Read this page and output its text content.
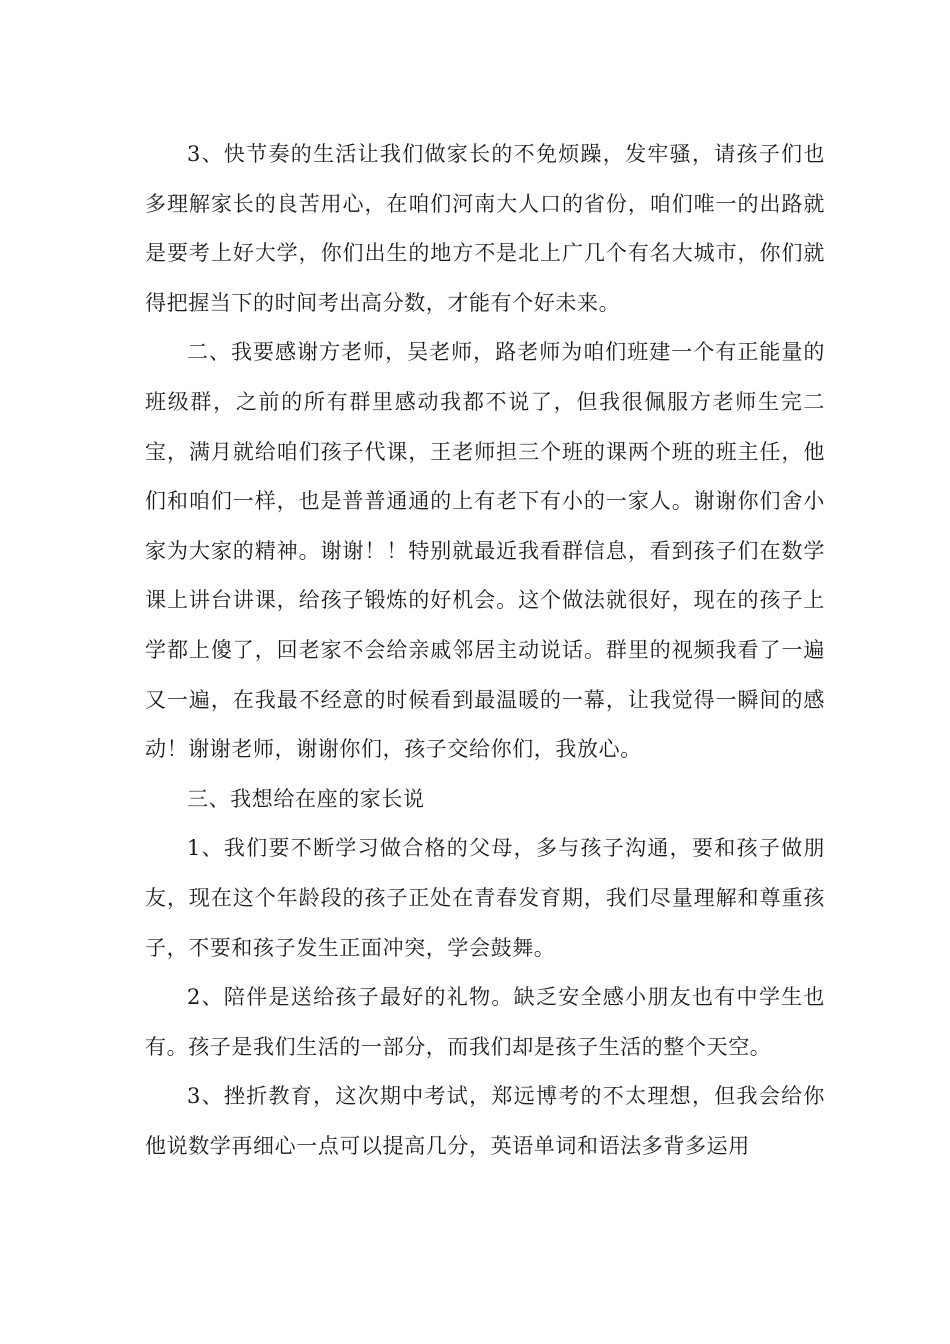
3、快节奏的生活让我们做家长的不免烦躁，发牢骚，请孩子们也多理解家长的良苦用心，在咱们河南大人口的省份，咱们唯一的出路就是要考上好大学，你们出生的地方不是北上广几个有名大城市，你们就得把握当下的时间考出高分数，才能有个好未来。

二、我要感谢方老师，吴老师，路老师为咱们班建一个有正能量的班级群，之前的所有群里感动我都不说了，但我很佩服方老师生完二宝，满月就给咱们孩子代课，王老师担三个班的课两个班的班主任，他们和咱们一样，也是普普通通的上有老下有小的一家人。谢谢你们舍小家为大家的精神。谢谢！！特别就最近我看群信息，看到孩子们在数学课上讲台讲课，给孩子锻炼的好机会。这个做法就很好，现在的孩子上学都上傻了，回老家不会给亲戚邻居主动说话。群里的视频我看了一遍又一遍，在我最不经意的时候看到最温暖的一幕，让我觉得一瞬间的感动！谢谢老师，谢谢你们，孩子交给你们，我放心。

三、我想给在座的家长说

1、我们要不断学习做合格的父母，多与孩子沟通，要和孩子做朋友，现在这个年龄段的孩子正处在青春发育期，我们尽量理解和尊重孩子，不要和孩子发生正面冲突，学会鼓舞。

2、陪伴是送给孩子最好的礼物。缺乏安全感小朋友也有中学生也有。孩子是我们生活的一部分，而我们却是孩子生活的整个天空。

3、挫折教育，这次期中考试，郑远博考的不太理想，但我会给你他说数学再细心一点可以提高几分，英语单词和语法多背多运用
